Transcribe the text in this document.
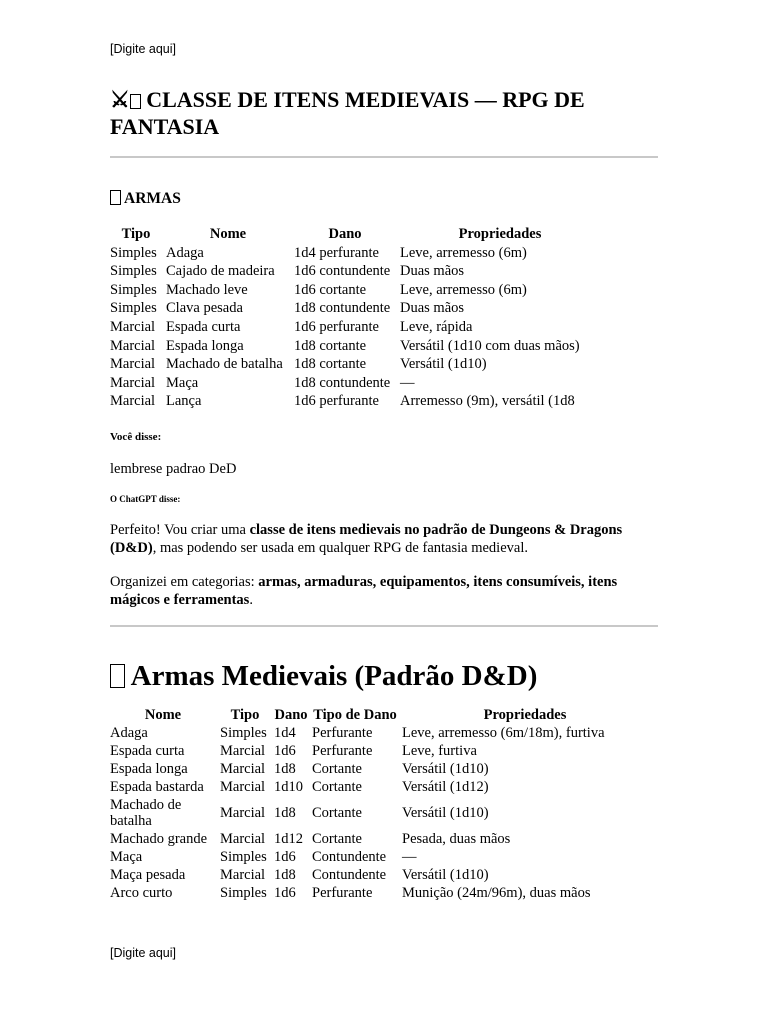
[Digite aqui]
⚔ CLASSE DE ITENS MEDIEVAIS — RPG DE FANTASIA
ARMAS
Tipo	Nome	Dano	Propriedades
Simples	Adaga	1d4 perfurante	Leve, arremesso (6m)
Simples	Cajado de madeira	1d6 contundente	Duas mãos
Simples	Machado leve	1d6 cortante	Leve, arremesso (6m)
Simples	Clava pesada	1d8 contundente	Duas mãos
Marcial	Espada curta	1d6 perfurante	Leve, rápida
Marcial	Espada longa	1d8 cortante	Versátil (1d10 com duas mãos)
Marcial	Machado de batalha	1d8 cortante	Versátil (1d10)
Marcial	Maça	1d8 contundente	—
Marcial	Lança	1d6 perfurante	Arremesso (9m), versátil (1d8
Você disse:

lembrese padrao DeD

O ChatGPT disse:

Perfeito! Vou criar uma classe de itens medievais no padrão de Dungeons & Dragons (D&D), mas podendo ser usada em qualquer RPG de fantasia medieval.

Organizei em categorias: armas, armaduras, equipamentos, itens consumíveis, itens mágicos e ferramentas.

Armas Medievais (Padrão D&D)
Nome	Tipo	Dano	Tipo de Dano	Propriedades
Adaga	Simples	1d4	Perfurante	Leve, arremesso (6m/18m), furtiva
Espada curta	Marcial	1d6	Perfurante	Leve, furtiva
Espada longa	Marcial	1d8	Cortante	Versátil (1d10)
Espada bastarda	Marcial	1d10	Cortante	Versátil (1d12)
Machado de batalha	Marcial	1d8	Cortante	Versátil (1d10)
Machado grande	Marcial	1d12	Cortante	Pesada, duas mãos
Maça	Simples	1d6	Contundente	—
Maça pesada	Marcial	1d8	Contundente	Versátil (1d10)
Arco curto	Simples	1d6	Perfurante	Munição (24m/96m), duas mãos
[Digite aqui]
